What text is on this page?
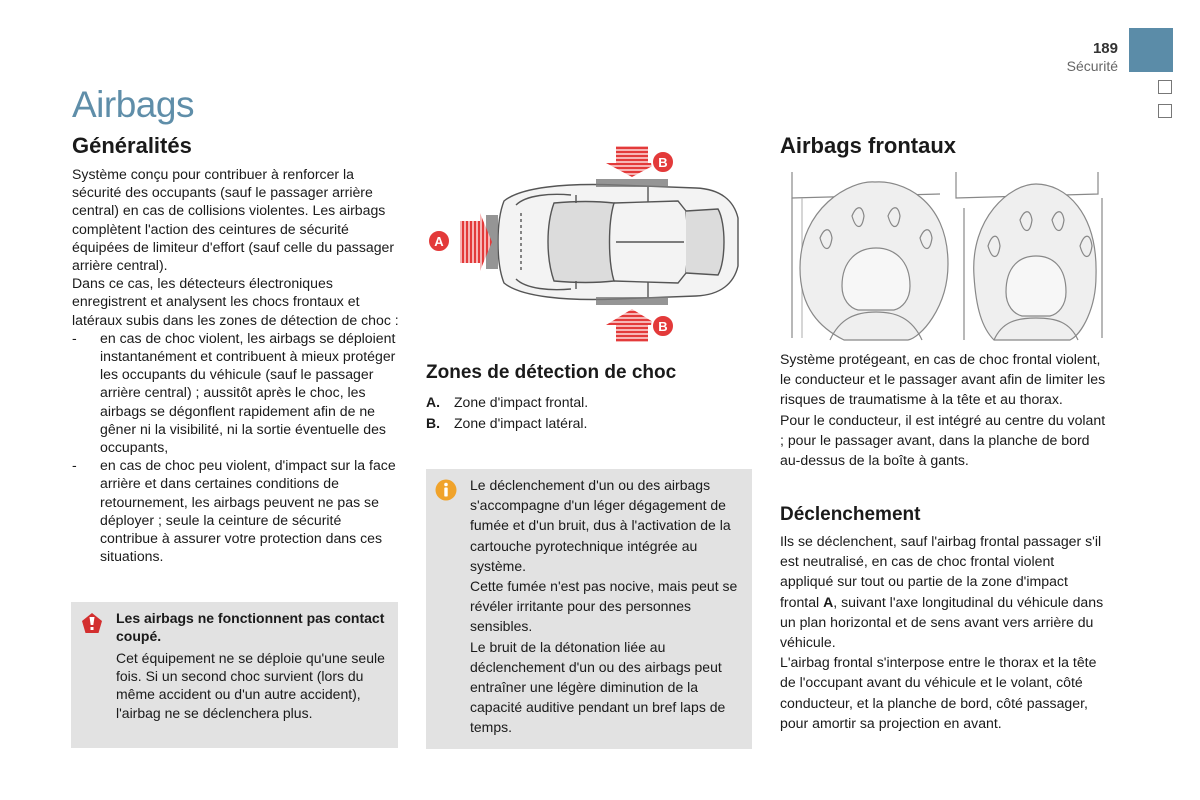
189
Sécurité
Airbags
Généralités

Système conçu pour contribuer à renforcer la sécurité des occupants (sauf le passager arrière central) en cas de collisions violentes. Les airbags complètent l'action des ceintures de sécurité équipées de limiteur d'effort (sauf celle du passager arrière central).

Dans ce cas, les détecteurs électroniques enregistrent et analysent les chocs frontaux et latéraux subis dans les zones de détection de choc :

- en cas de choc violent, les airbags se déploient instantanément et contribuent à mieux protéger les occupants du véhicule (sauf le passager arrière central) ; aussitôt après le choc, les airbags se dégonflent rapidement afin de ne gêner ni la visibilité, ni la sortie éventuelle des occupants,
- en cas de choc peu violent, d'impact sur la face arrière et dans certaines conditions de retournement, les airbags peuvent ne pas se déployer ; seule la ceinture de sécurité contribue à assurer votre protection dans ces situations.
Les airbags ne fonctionnent pas contact coupé.
Cet équipement ne se déploie qu'une seule fois. Si un second choc survient (lors du même accident ou d'un autre accident), l'airbag ne se déclenchera plus.
A
B
B
Zones de détection de choc
A. Zone d'impact frontal.
B. Zone d'impact latéral.

Le déclenchement d'un ou des airbags s'accompagne d'un léger dégagement de fumée et d'un bruit, dus à l'activation de la cartouche pyrotechnique intégrée au système.

Cette fumée n'est pas nocive, mais peut se révéler irritante pour des personnes sensibles.

Le bruit de la détonation liée au déclenchement d'un ou des airbags peut entraîner une légère diminution de la capacité auditive pendant un bref laps de temps.

Airbags frontaux

Système protégeant, en cas de choc frontal violent, le conducteur et le passager avant afin de limiter les risques de traumatisme à la tête et au thorax.

Pour le conducteur, il est intégré au centre du volant ; pour le passager avant, dans la planche de bord au-dessus de la boîte à gants.

Déclenchement

Ils se déclenchent, sauf l'airbag frontal passager s'il est neutralisé, en cas de choc frontal violent appliqué sur tout ou partie de la zone d'impact frontal A, suivant l'axe longitudinal du véhicule dans un plan horizontal et de sens avant vers arrière du véhicule.

L'airbag frontal s'interpose entre le thorax et la tête de l'occupant avant du véhicule et le volant, côté conducteur, et la planche de bord, côté passager, pour amortir sa projection en avant.
